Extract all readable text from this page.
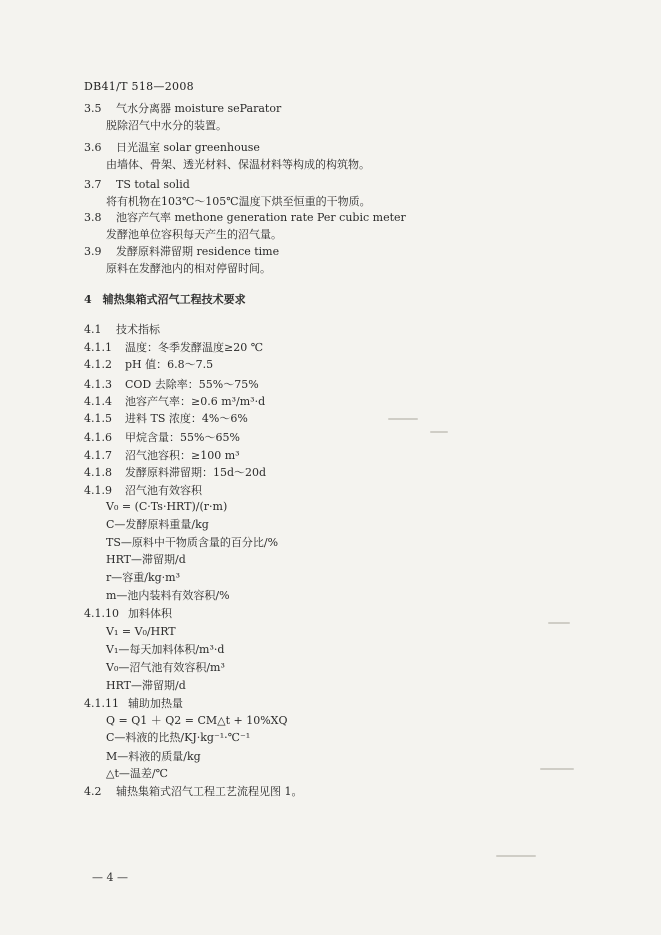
DB41/T 518—2008
3.5 气水分离器 moisture seParator
脱除沼气中水分的装置。
3.6 日光温室 solar greenhouse
由墙体、骨架、透光材料、保温材料等构成的构筑物。
3.7 TS total solid
将有机物在103℃～105℃温度下烘至恒重的干物质。
3.8 池容产气率 methone generation rate Per cubic meter
发酵池单位容积每天产生的沼气量。
3.9 发酵原料滞留期 residence time
原料在发酵池内的相对停留时间。
4　辅热集箱式沼气工程技术要求
4.1 技术指标
4.1.1 温度：冬季发酵温度≥20 ℃
4.1.2 pH 值：6.8～7.5
4.1.3 COD 去除率：55%～75%
4.1.4 池容产气率：≥0.6 m³/m³·d
4.1.5 进料 TS 浓度：4%～6%
4.1.6 甲烷含量：55%～65%
4.1.7 沼气池容积：≥100 m³
4.1.8 发酵原料滞留期：15d～20d
4.1.9 沼气池有效容积
V₀ = (C·Ts·HRT)/(r·m)
C—发酵原料重量/kg
TS—原料中干物质含量的百分比/%
HRT—滞留期/d
r—容重/kg·m³
m—池内装料有效容积/%
4.1.10 加料体积
V₁ = V₀/HRT
V₁—每天加料体积/m³·d
V₀—沼气池有效容积/m³
HRT—滞留期/d
4.1.11 辅助加热量
Q = Q1 ＋ Q2 = CM△t + 10%XQ
C—料液的比热/KJ·kg⁻¹·℃⁻¹
M—料液的质量/kg
△t—温差/℃
4.2 辅热集箱式沼气工程工艺流程见图 1。
— 4 —
